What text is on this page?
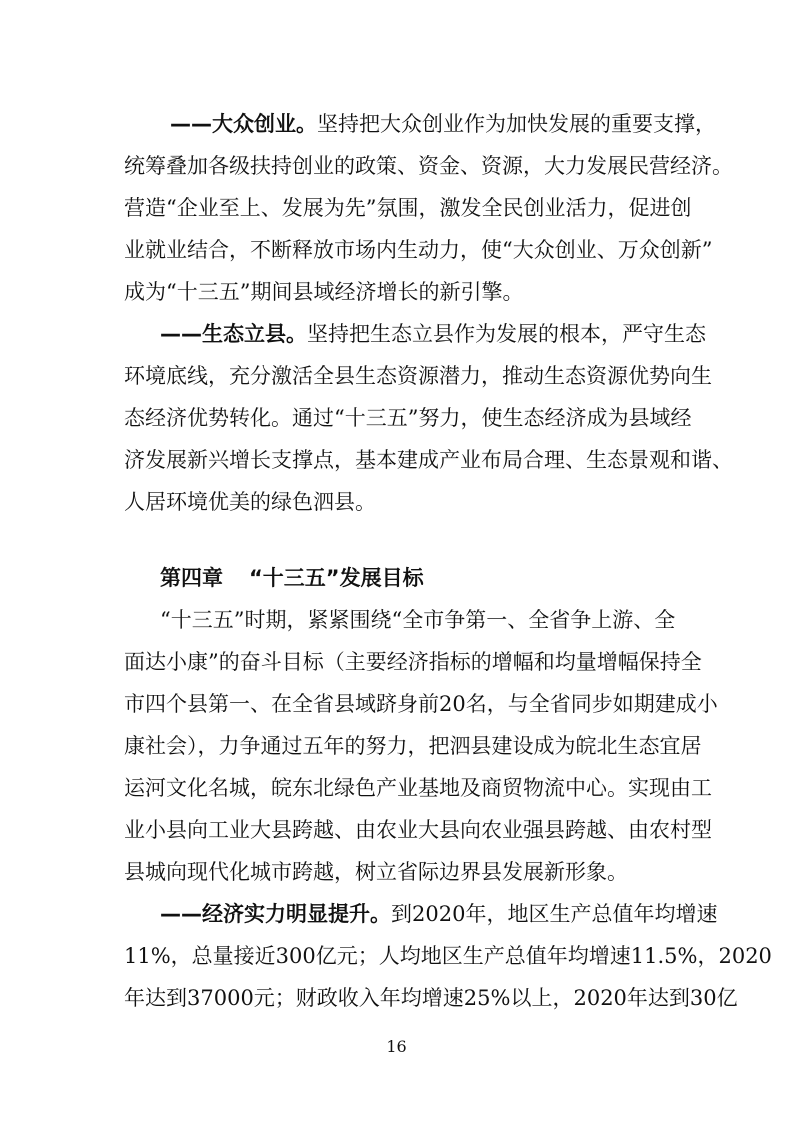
——大众创业。坚持把大众创业作为加快发展的重要支撑，
统筹叠加各级扶持创业的政策、资金、资源，大力发展民营经济。
营造“企业至上、发展为先”氛围，激发全民创业活力，促进创
业就业结合，不断释放市场内生动力，使“大众创业、万众创新”
成为“十三五”期间县域经济增长的新引擎。
——生态立县。坚持把生态立县作为发展的根本，严守生态
环境底线，充分激活全县生态资源潜力，推动生态资源优势向生
态经济优势转化。通过“十三五”努力，使生态经济成为县域经
济发展新兴增长支撑点，基本建成产业布局合理、生态景观和谐、
人居环境优美的绿色泗县。
第四章 “十三五”发展目标
“十三五”时期，紧紧围绕“全市争第一、全省争上游、全
面达小康”的奋斗目标（主要经济指标的增幅和均量增幅保持全
市四个县第一、在全省县域跻身前20名，与全省同步如期建成小
康社会），力争通过五年的努力，把泗县建设成为皖北生态宜居
运河文化名城，皖东北绿色产业基地及商贸物流中心。实现由工
业小县向工业大县跨越、由农业大县向农业强县跨越、由农村型
县城向现代化城市跨越，树立省际边界县发展新形象。
——经济实力明显提升。到2020年，地区生产总值年均增速
11%，总量接近300亿元；人均地区生产总值年均增速11.5%，2020
年达到37000元；财政收入年均增速25%以上，2020年达到30亿
16
